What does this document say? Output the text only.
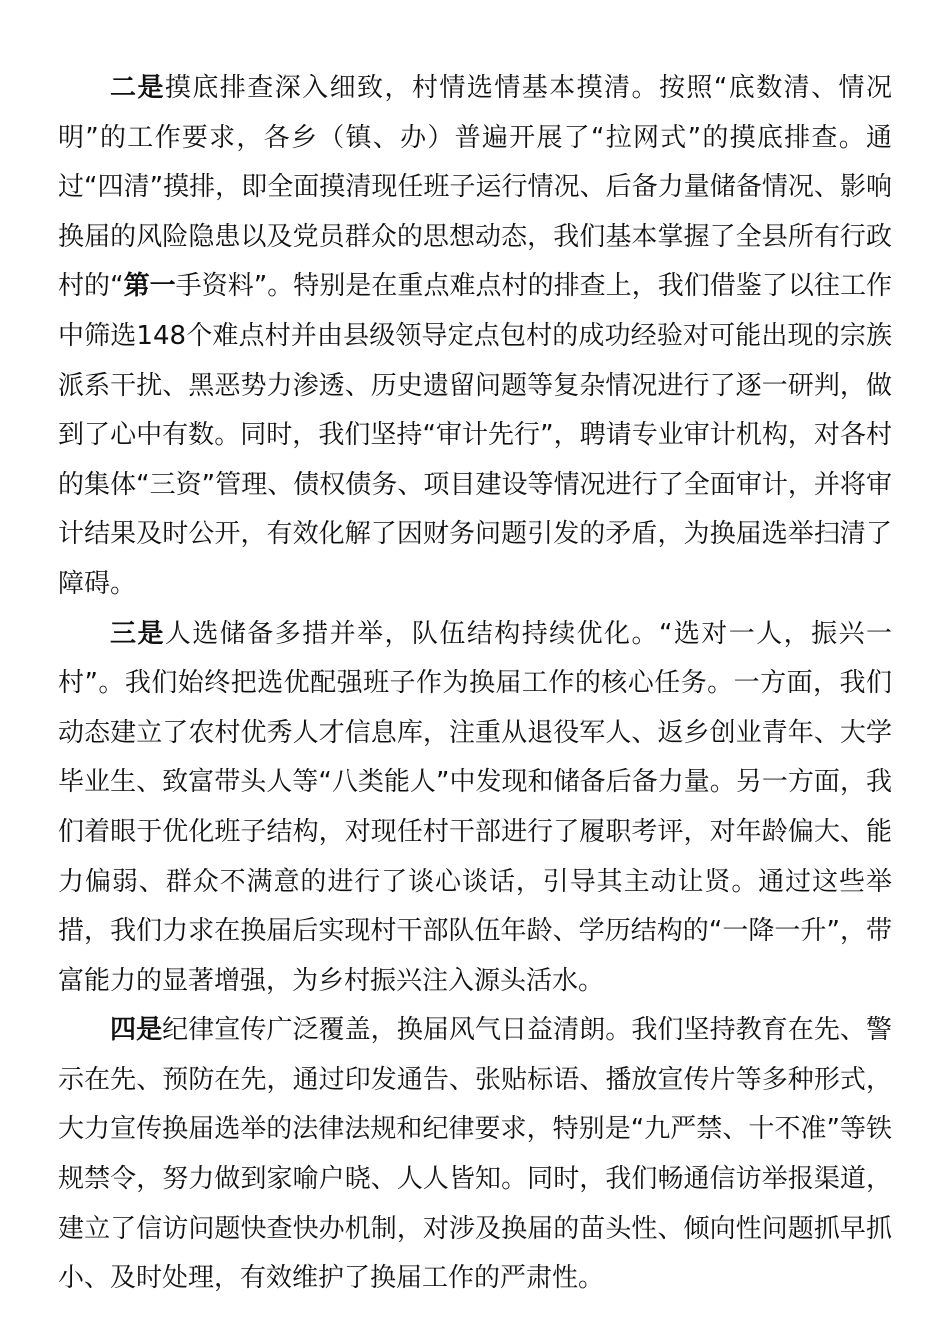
二是摸底排查深入细致，村情选情基本摸清。按照“底数清、情况明”的工作要求，各乡（镇、办）普遍开展了“拉网式”的摸底排查。通过“四清”摸排，即全面摸清现任班子运行情况、后备力量储备情况、影响换届的风险隐患以及党员群众的思想动态，我们基本掌握了全县所有行政村的“第一手资料”。特别是在重点难点村的排查上，我们借鉴了以往工作中筛选148个难点村并由县级领导定点包村的成功经验对可能出现的宗族派系干扰、黑恶势力渗透、历史遗留问题等复杂情况进行了逐一研判，做到了心中有数。同时，我们坚持“审计先行”，聘请专业审计机构，对各村的集体“三资”管理、债权债务、项目建设等情况进行了全面审计，并将审计结果及时公开，有效化解了因财务问题引发的矛盾，为换届选举扫清了障碍。

三是人选储备多措并举，队伍结构持续优化。“选对一人，振兴一村”。我们始终把选优配强班子作为换届工作的核心任务。一方面，我们动态建立了农村优秀人才信息库，注重从退役军人、返乡创业青年、大学毕业生、致富带头人等“八类能人”中发现和储备后备力量。另一方面，我们着眼于优化班子结构，对现任村干部进行了履职考评，对年龄偏大、能力偏弱、群众不满意的进行了谈心谈话，引导其主动让贤。通过这些举措，我们力求在换届后实现村干部队伍年龄、学历结构的“一降一升”，带富能力的显著增强，为乡村振兴注入源头活水。

四是纪律宣传广泛覆盖，换届风气日益清朗。我们坚持教育在先、警示在先、预防在先，通过印发通告、张贴标语、播放宣传片等多种形式，大力宣传换届选举的法律法规和纪律要求，特别是“九严禁、十不准”等铁规禁令，努力做到家喻户晓、人人皆知。同时，我们畅通信访举报渠道，建立了信访问题快查快办机制，对涉及换届的苗头性、倾向性问题抓早抓小、及时处理，有效维护了换届工作的严肃性。
